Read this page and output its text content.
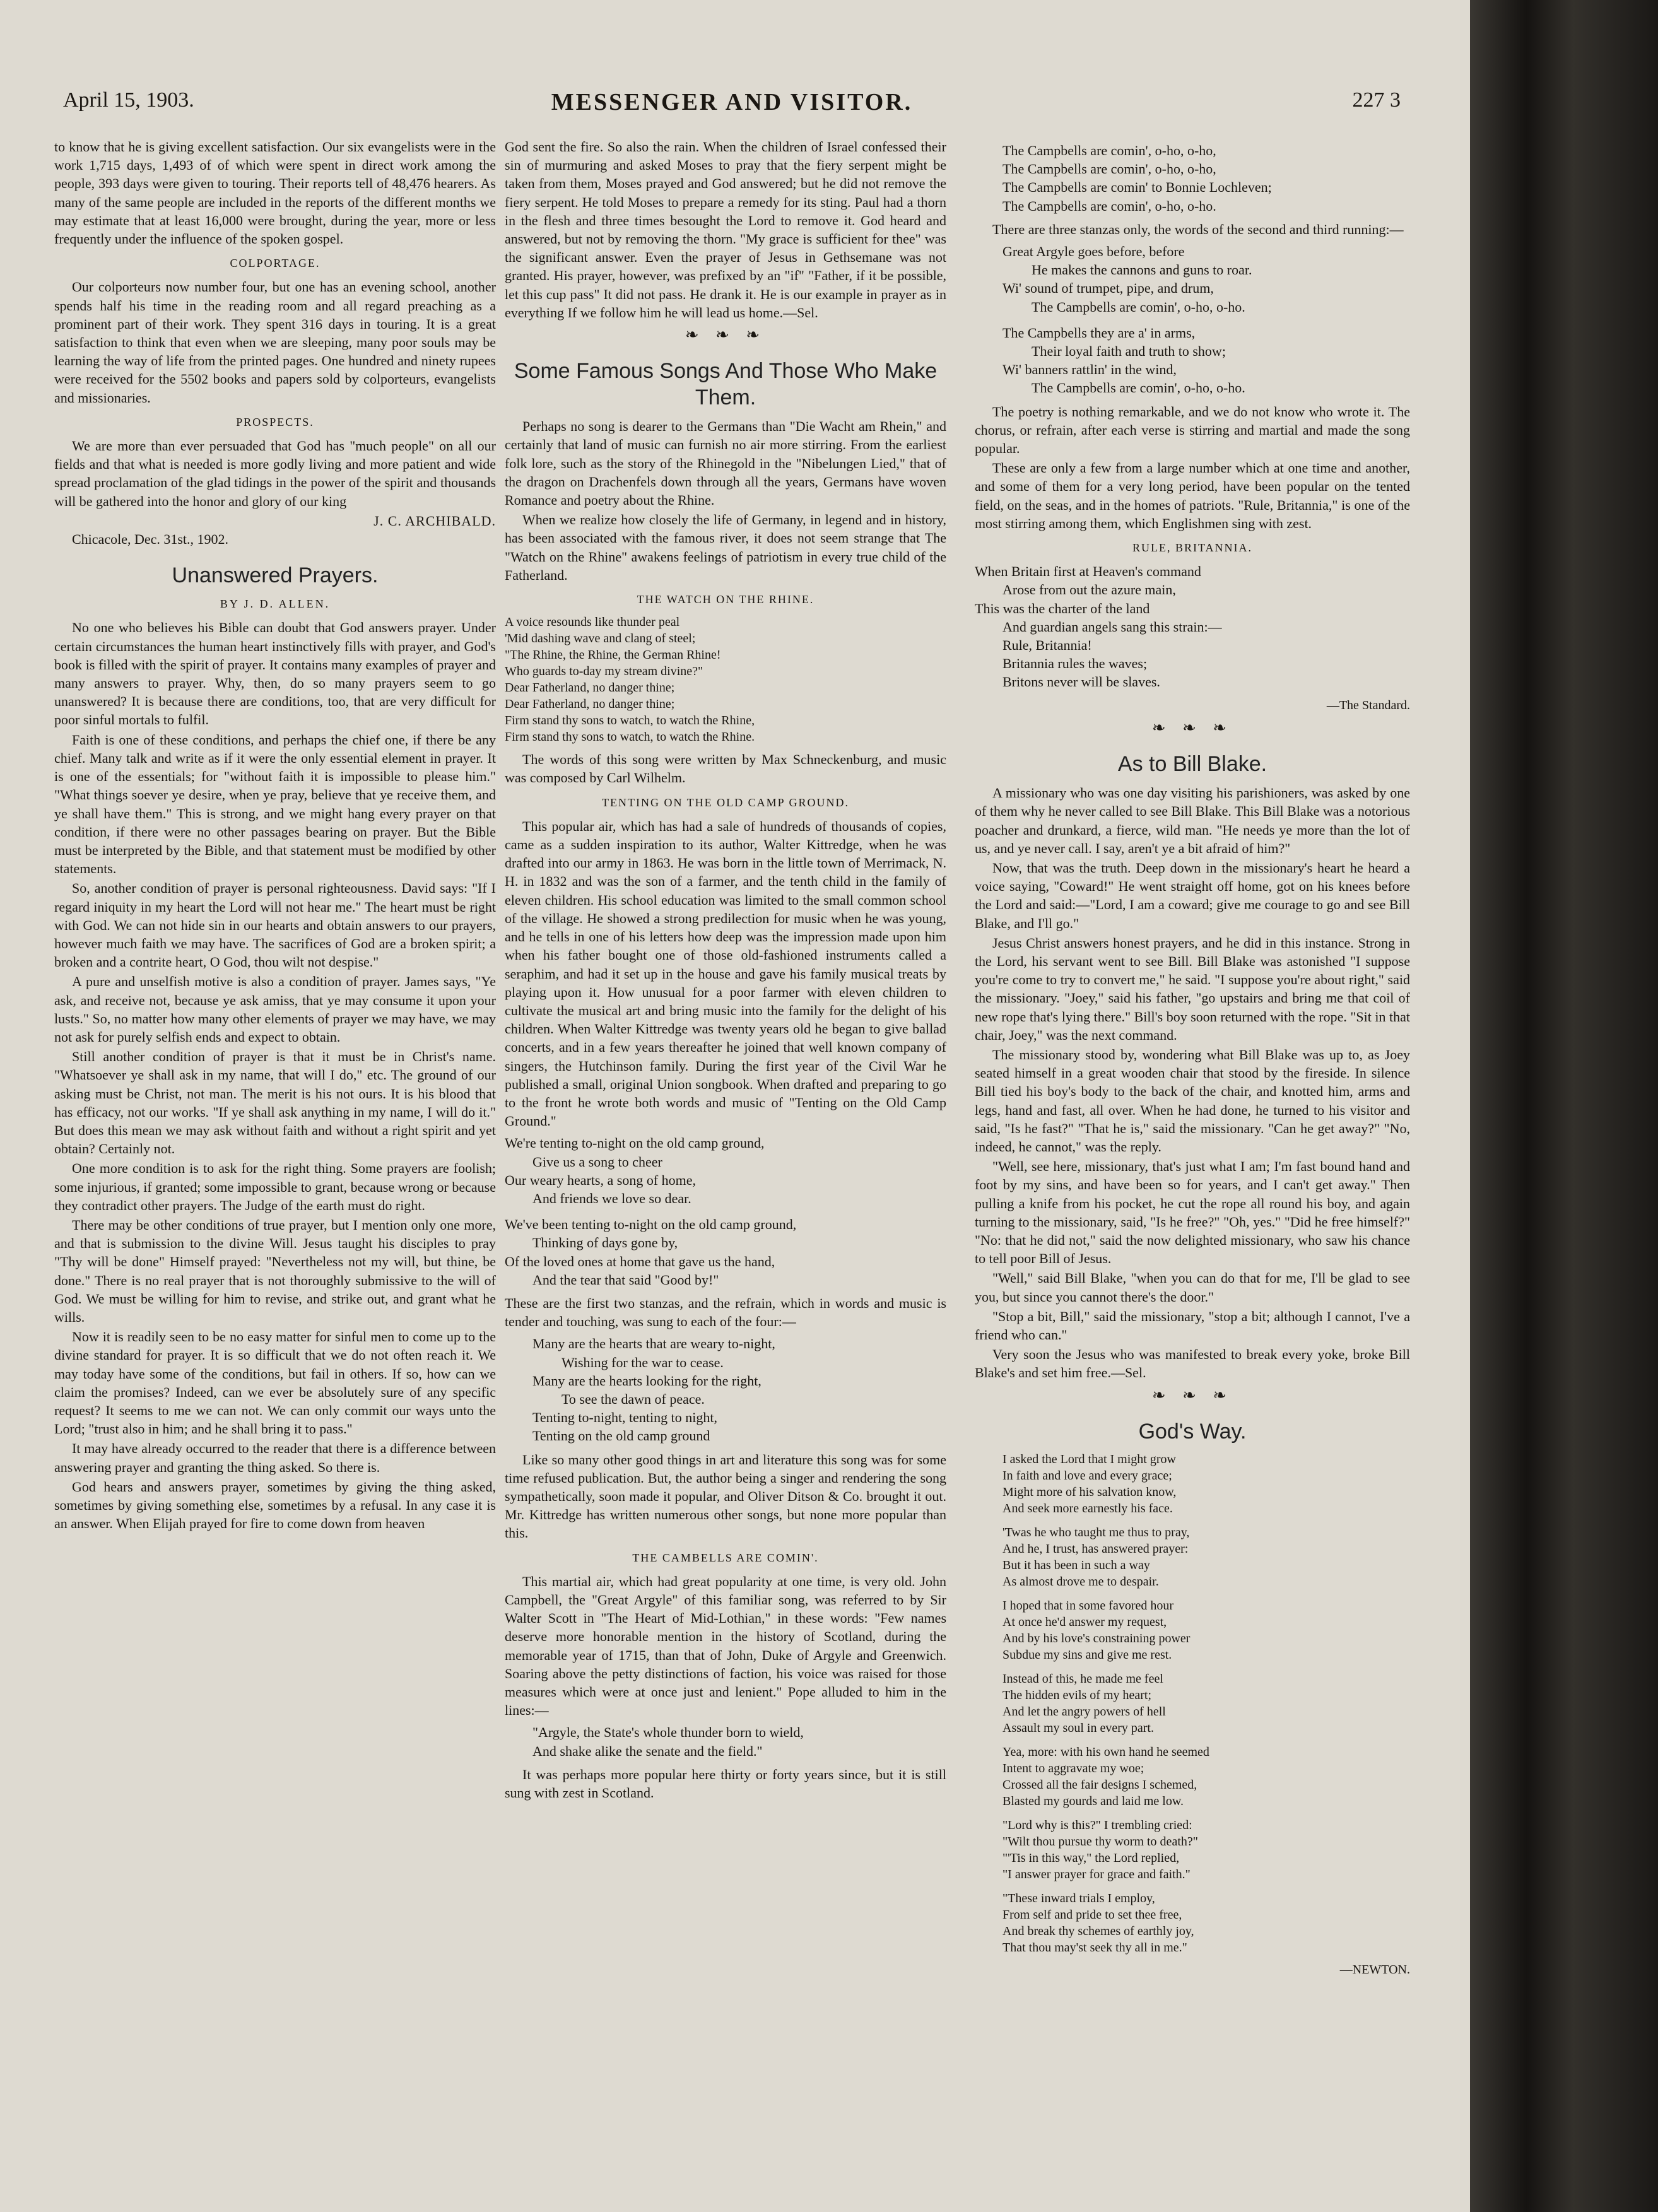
April 15, 1903.	MESSENGER AND VISITOR.	227 3

to know that he is giving excellent satisfaction. Our six evangelists were in the work 1,715 days, 1,493 of of which were spent in direct work among the people, 393 days were given to touring. Their reports tell of 48,476 hearers. As many of the same people are included in the reports of the different months we may estimate that at least 16,000 were brought, during the year, more or less frequently under the influence of the spoken gospel.

COLPORTAGE.

Our colporteurs now number four, but one has an evening school, another spends half his time in the reading room and all regard preaching as a prominent part of their work. They spent 316 days in touring. It is a great satisfaction to think that even when we are sleeping, many poor souls may be learning the way of life from the printed pages. One hundred and ninety rupees were received for the 5502 books and papers sold by colporteurs, evangelists and missionaries.

PROSPECTS.

We are more than ever persuaded that God has "much people" on all our fields and that what is needed is more godly living and more patient and wide spread proclamation of the glad tidings in the power of the spirit and thousands will be gathered into the honor and glory of our king

J. C. ARCHIBALD.

Chicacole, Dec. 31st., 1902.

Unanswered Prayers.
BY J. D. ALLEN.

No one who believes his Bible can doubt that God answers prayer. Under certain circumstances the human heart instinctively fills with prayer, and God's book is filled with the spirit of prayer. It contains many examples of prayer and many answers to prayer. Why, then, do so many prayers seem to go unanswered? It is because there are conditions, too, that are very difficult for poor sinful mortals to fulfil.

Faith is one of these conditions, and perhaps the chief one, if there be any chief. Many talk and write as if it were the only essential element in prayer. It is one of the essentials; for "without faith it is impossible to please him." "What things soever ye desire, when ye pray, believe that ye receive them, and ye shall have them." This is strong, and we might hang every prayer on that condition, if there were no other passages bearing on prayer. But the Bible must be interpreted by the Bible, and that statement must be modified by other statements.

So, another condition of prayer is personal righteousness. David says: "If I regard iniquity in my heart the Lord will not hear me." The heart must be right with God. We can not hide sin in our hearts and obtain answers to our prayers, however much faith we may have. The sacrifices of God are a broken spirit; a broken and a contrite heart, O God, thou wilt not despise."

A pure and unselfish motive is also a condition of prayer. James says, "Ye ask, and receive not, because ye ask amiss, that ye may consume it upon your lusts." So, no matter how many other elements of prayer we may have, we may not ask for purely selfish ends and expect to obtain.

Still another condition of prayer is that it must be in Christ's name. "Whatsoever ye shall ask in my name, that will I do," etc. The ground of our asking must be Christ, not man. The merit is his not ours. It is his blood that has efficacy, not our works. "If ye shall ask anything in my name, I will do it." But does this mean we may ask without faith and without a right spirit and yet obtain? Certainly not.

One more condition is to ask for the right thing. Some prayers are foolish; some injurious, if granted; some impossible to grant, because wrong or because they contradict other prayers. The Judge of the earth must do right.

There may be other conditions of true prayer, but I mention only one more, and that is submission to the divine Will. Jesus taught his disciples to pray "Thy will be done" Himself prayed: "Nevertheless not my will, but thine, be done." There is no real prayer that is not thoroughly submissive to the will of God. We must be willing for him to revise, and strike out, and grant what he wills.

Now it is readily seen to be no easy matter for sinful men to come up to the divine standard for prayer. It is so difficult that we do not often reach it. We may today have some of the conditions, but fail in others. If so, how can we claim the promises? Indeed, can we ever be absolutely sure of any specific request? It seems to me we can not. We can only commit our ways unto the Lord; "trust also in him; and he shall bring it to pass."

It may have already occurred to the reader that there is a difference between answering prayer and granting the thing asked. So there is.

God hears and answers prayer, sometimes by giving the thing asked, sometimes by giving something else, sometimes by a refusal. In any case it is an answer. When Elijah prayed for fire to come down from heaven

God sent the fire. So also the rain. When the children of Israel confessed their sin of murmuring and asked Moses to pray that the fiery serpent might be taken from them, Moses prayed and God answered; but he did not remove the fiery serpent. He told Moses to prepare a remedy for its sting. Paul had a thorn in the flesh and three times besought the Lord to remove it. God heard and answered, but not by removing the thorn. "My grace is sufficient for thee" was the significant answer. Even the prayer of Jesus in Gethsemane was not granted. His prayer, however, was prefixed by an "if" "Father, if it be possible, let this cup pass" It did not pass. He drank it. He is our example in prayer as in everything If we follow him he will lead us home.—Sel.

❧ ❧ ❧
Some Famous Songs And Those Who Make Them.

Perhaps no song is dearer to the Germans than "Die Wacht am Rhein," and certainly that land of music can furnish no air more stirring. From the earliest folk lore, such as the story of the Rhinegold in the "Nibelungen Lied," that of the dragon on Drachenfels down through all the years, Germans have woven Romance and poetry about the Rhine.

When we realize how closely the life of Germany, in legend and in history, has been associated with the famous river, it does not seem strange that The "Watch on the Rhine" awakens feelings of patriotism in every true child of the Fatherland.

THE WATCH ON THE RHINE.
A voice resounds like thunder peal
'Mid dashing wave and clang of steel;
"The Rhine, the Rhine, the German Rhine!
Who guards to-day my stream divine?"
Dear Fatherland, no danger thine;
Dear Fatherland, no danger thine;
Firm stand thy sons to watch, to watch the Rhine,
Firm stand thy sons to watch, to watch the Rhine.

The words of this song were written by Max Schneckenburg, and music was composed by Carl Wilhelm.

TENTING ON THE OLD CAMP GROUND.

This popular air, which has had a sale of hundreds of thousands of copies, came as a sudden inspiration to its author, Walter Kittredge, when he was drafted into our army in 1863. He was born in the little town of Merrimack, N. H. in 1832 and was the son of a farmer, and the tenth child in the family of eleven children. His school education was limited to the small common school of the village. He showed a strong predilection for music when he was young, and he tells in one of his letters how deep was the impression made upon him when his father bought one of those old-fashioned instruments called a seraphim, and had it set up in the house and gave his family musical treats by playing upon it. How unusual for a poor farmer with eleven children to cultivate the musical art and bring music into the family for the delight of his children. When Walter Kittredge was twenty years old he began to give ballad concerts, and in a few years thereafter he joined that well known company of singers, the Hutchinson family. During the first year of the Civil War he published a small, original Union songbook. When drafted and preparing to go to the front he wrote both words and music of "Tenting on the Old Camp Ground."

We're tenting to-night on the old camp ground,
Give us a song to cheer
Our weary hearts, a song of home,
And friends we love so dear.
We've been tenting to-night on the old camp ground,
Thinking of days gone by,
Of the loved ones at home that gave us the hand,
And the tear that said "Good by!"

These are the first two stanzas, and the refrain, which in words and music is tender and touching, was sung to each of the four:—

Many are the hearts that are weary to-night,
Wishing for the war to cease.
Many are the hearts looking for the right,
To see the dawn of peace.
Tenting to-night, tenting to night,
Tenting on the old camp ground

Like so many other good things in art and literature this song was for some time refused publication. But, the author being a singer and rendering the song sympathetically, soon made it popular, and Oliver Ditson & Co. brought it out. Mr. Kittredge has written numerous other songs, but none more popular than this.

THE CAMBELLS ARE COMIN'.

This martial air, which had great popularity at one time, is very old. John Campbell, the "Great Argyle" of this familiar song, was referred to by Sir Walter Scott in "The Heart of Mid-Lothian," in these words: "Few names deserve more honorable mention in the history of Scotland, during the memorable year of 1715, than that of John, Duke of Argyle and Greenwich. Soaring above the petty distinctions of faction, his voice was raised for those measures which were at once just and lenient." Pope alluded to him in the lines:—

"Argyle, the State's whole thunder born to wield,
And shake alike the senate and the field."

It was perhaps more popular here thirty or forty years since, but it is still sung with zest in Scotland.

The Campbells are comin', o-ho, o-ho,
The Campbells are comin', o-ho, o-ho,
The Campbells are comin' to Bonnie Lochleven;
The Campbells are comin', o-ho, o-ho.

There are three stanzas only, the words of the second and third running:—

Great Argyle goes before, before
He makes the cannons and guns to roar.
Wi' sound of trumpet, pipe, and drum,
The Campbells are comin', o-ho, o-ho.
The Campbells they are a' in arms,
Their loyal faith and truth to show;
Wi' banners rattlin' in the wind,
The Campbells are comin', o-ho, o-ho.

The poetry is nothing remarkable, and we do not know who wrote it. The chorus, or refrain, after each verse is stirring and martial and made the song popular.

These are only a few from a large number which at one time and another, and some of them for a very long period, have been popular on the tented field, on the seas, and in the homes of patriots. "Rule, Britannia," is one of the most stirring among them, which Englishmen sing with zest.

RULE, BRITANNIA.
When Britain first at Heaven's command
Arose from out the azure main,
This was the charter of the land
And guardian angels sang this strain:—
Rule, Britannia!
Britannia rules the waves;
Britons never will be slaves.
—The Standard.
❧ ❧ ❧
As to Bill Blake.

A missionary who was one day visiting his parishioners, was asked by one of them why he never called to see Bill Blake. This Bill Blake was a notorious poacher and drunkard, a fierce, wild man. "He needs ye more than the lot of us, and ye never call. I say, aren't ye a bit afraid of him?"

Now, that was the truth. Deep down in the missionary's heart he heard a voice saying, "Coward!" He went straight off home, got on his knees before the Lord and said:—"Lord, I am a coward; give me courage to go and see Bill Blake, and I'll go."

Jesus Christ answers honest prayers, and he did in this instance. Strong in the Lord, his servant went to see Bill. Bill Blake was astonished "I suppose you're come to try to convert me," he said. "I suppose you're about right," said the missionary. "Joey," said his father, "go upstairs and bring me that coil of new rope that's lying there." Bill's boy soon returned with the rope. "Sit in that chair, Joey," was the next command.

The missionary stood by, wondering what Bill Blake was up to, as Joey seated himself in a great wooden chair that stood by the fireside. In silence Bill tied his boy's body to the back of the chair, and knotted him, arms and legs, hand and fast, all over. When he had done, he turned to his visitor and said, "Is he fast?" "That he is," said the missionary. "Can he get away?" "No, indeed, he cannot," was the reply.

"Well, see here, missionary, that's just what I am; I'm fast bound hand and foot by my sins, and have been so for years, and I can't get away." Then pulling a knife from his pocket, he cut the rope all round his boy, and again turning to the missionary, said, "Is he free?" "Oh, yes." "Did he free himself?" "No: that he did not," said the now delighted missionary, who saw his chance to tell poor Bill of Jesus.

"Well," said Bill Blake, "when you can do that for me, I'll be glad to see you, but since you cannot there's the door."

"Stop a bit, Bill," said the missionary, "stop a bit; although I cannot, I've a friend who can."

Very soon the Jesus who was manifested to break every yoke, broke Bill Blake's and set him free.—Sel.

❧ ❧ ❧
God's Way.
I asked the Lord that I might grow
In faith and love and every grace;
Might more of his salvation know,
And seek more earnestly his face.
'Twas he who taught me thus to pray,
And he, I trust, has answered prayer:
But it has been in such a way
As almost drove me to despair.
I hoped that in some favored hour
At once he'd answer my request,
And by his love's constraining power
Subdue my sins and give me rest.
Instead of this, he made me feel
The hidden evils of my heart;
And let the angry powers of hell
Assault my soul in every part.
Yea, more: with his own hand he seemed
Intent to aggravate my woe;
Crossed all the fair designs I schemed,
Blasted my gourds and laid me low.
"Lord why is this?" I trembling cried:
"Wilt thou pursue thy worm to death?"
"'Tis in this way," the Lord replied,
"I answer prayer for grace and faith."
"These inward trials I employ,
From self and pride to set thee free,
And break thy schemes of earthly joy,
That thou may'st seek thy all in me."
—NEWTON.
